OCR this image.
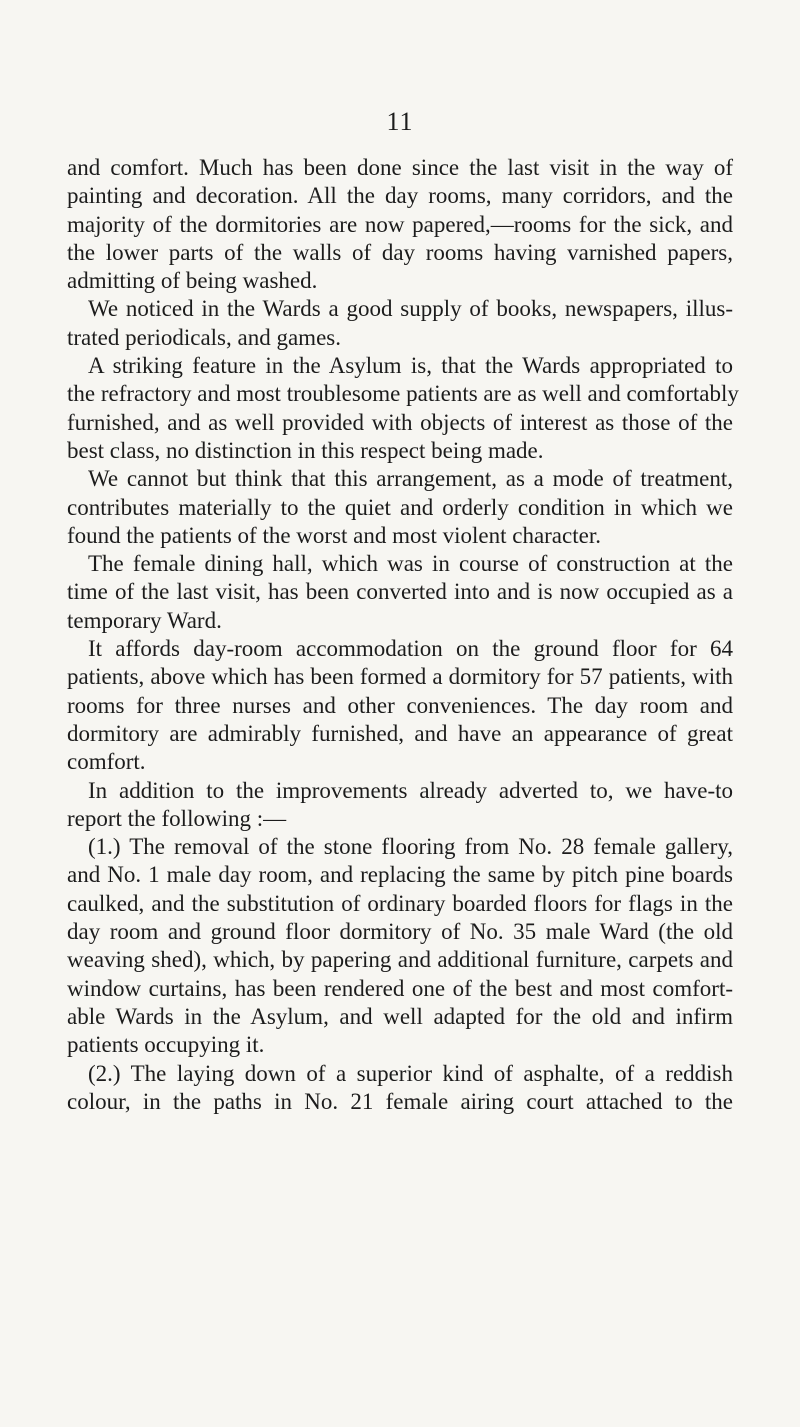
11
and comfort. Much has been done since the last visit in the way of
painting and decoration. All the day rooms, many corridors, and the
majority of the dormitories are now papered,—rooms for the sick, and
the lower parts of the walls of day rooms having varnished papers,
admitting of being washed.
We noticed in the Wards a good supply of books, newspapers, illus-
trated periodicals, and games.
A striking feature in the Asylum is, that the Wards appropriated to
the refractory and most troublesome patients are as well and comfortably
furnished, and as well provided with objects of interest as those of the
best class, no distinction in this respect being made.
We cannot but think that this arrangement, as a mode of treatment,
contributes materially to the quiet and orderly condition in which we
found the patients of the worst and most violent character.
The female dining hall, which was in course of construction at the
time of the last visit, has been converted into and is now occupied as a
temporary Ward.
It affords day-room accommodation on the ground floor for 64
patients, above which has been formed a dormitory for 57 patients, with
rooms for three nurses and other conveniences. The day room and
dormitory are admirably furnished, and have an appearance of great
comfort.
In addition to the improvements already adverted to, we have-to
report the following :—
(1.) The removal of the stone flooring from No. 28 female gallery,
and No. 1 male day room, and replacing the same by pitch pine boards
caulked, and the substitution of ordinary boarded floors for flags in the
day room and ground floor dormitory of No. 35 male Ward (the old
weaving shed), which, by papering and additional furniture, carpets and
window curtains, has been rendered one of the best and most comfort-
able Wards in the Asylum, and well adapted for the old and infirm
patients occupying it.
(2.) The laying down of a superior kind of asphalte, of a reddish
colour, in the paths in No. 21 female airing court attached to the
